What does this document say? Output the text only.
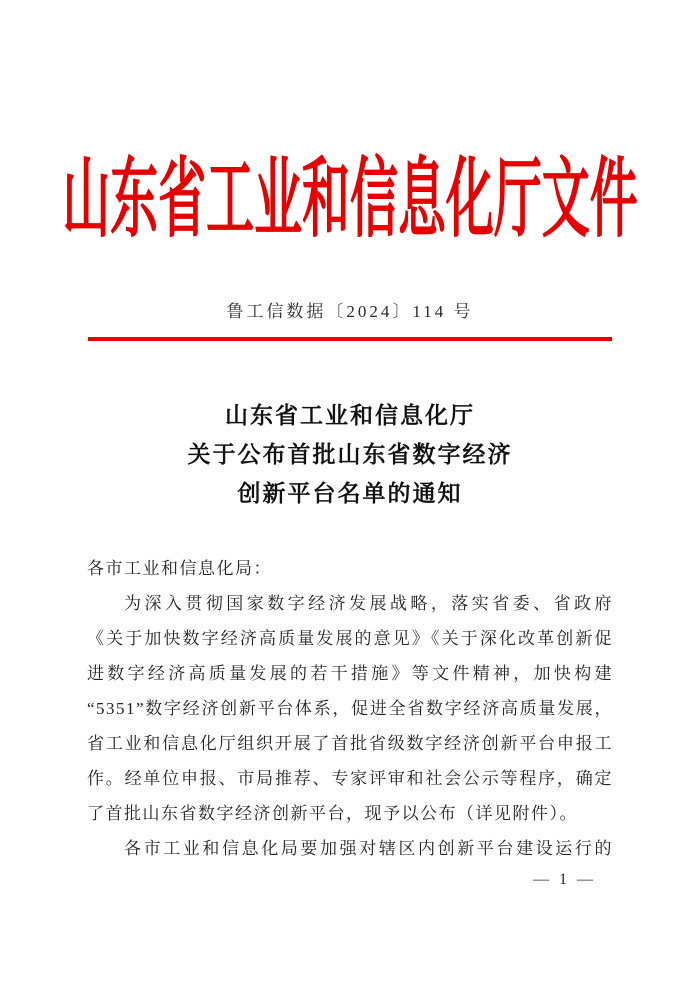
山东省工业和信息化厅文件
鲁工信数据〔2024〕114 号
山东省工业和信息化厅
关于公布首批山东省数字经济
创新平台名单的通知
各市工业和信息化局：
为深入贯彻国家数字经济发展战略，落实省委、省政府
《关于加快数字经济高质量发展的意见》《关于深化改革创新促
进数字经济高质量发展的若干措施》等文件精神，加快构建
“5351”数字经济创新平台体系，促进全省数字经济高质量发展，
省工业和信息化厅组织开展了首批省级数字经济创新平台申报工
作。经单位申报、市局推荐、专家评审和社会公示等程序，确定
了首批山东省数字经济创新平台，现予以公布（详见附件）。
各市工业和信息化局要加强对辖区内创新平台建设运行的
— 1 —
